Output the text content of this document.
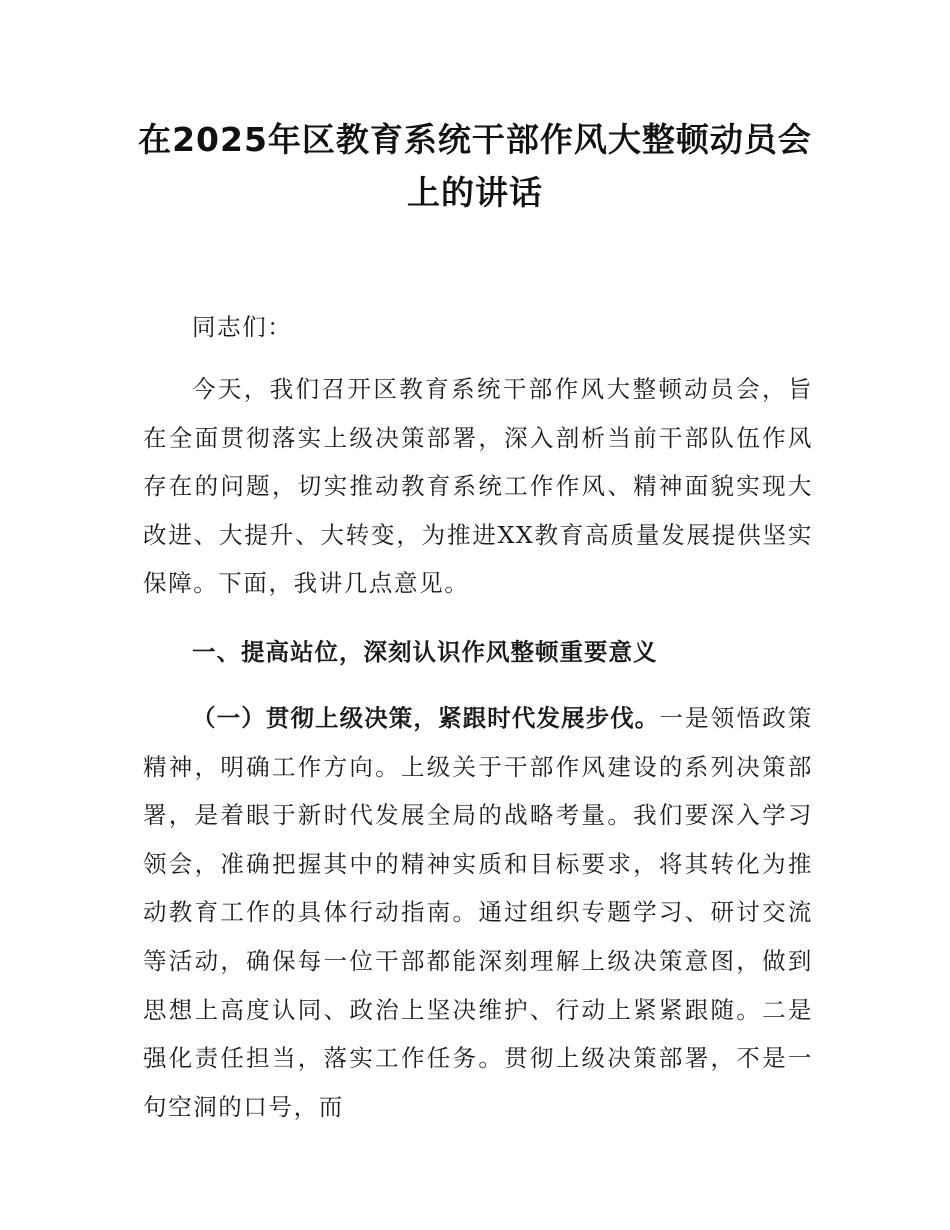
在2025年区教育系统干部作风大整顿动员会
上的讲话

同志们：

今天，我们召开区教育系统干部作风大整顿动员会，旨在全面贯彻落实上级决策部署，深入剖析当前干部队伍作风存在的问题，切实推动教育系统工作作风、精神面貌实现大改进、大提升、大转变，为推进XX教育高质量发展提供坚实保障。下面，我讲几点意见。

一、提高站位，深刻认识作风整顿重要意义

（一）贯彻上级决策，紧跟时代发展步伐。一是领悟政策精神，明确工作方向。上级关于干部作风建设的系列决策部署，是着眼于新时代发展全局的战略考量。我们要深入学习领会，准确把握其中的精神实质和目标要求，将其转化为推动教育工作的具体行动指南。通过组织专题学习、研讨交流等活动，确保每一位干部都能深刻理解上级决策意图，做到思想上高度认同、政治上坚决维护、行动上紧紧跟随。二是强化责任担当，落实工作任务。贯彻上级决策部署，不是一句空洞的口号，而
